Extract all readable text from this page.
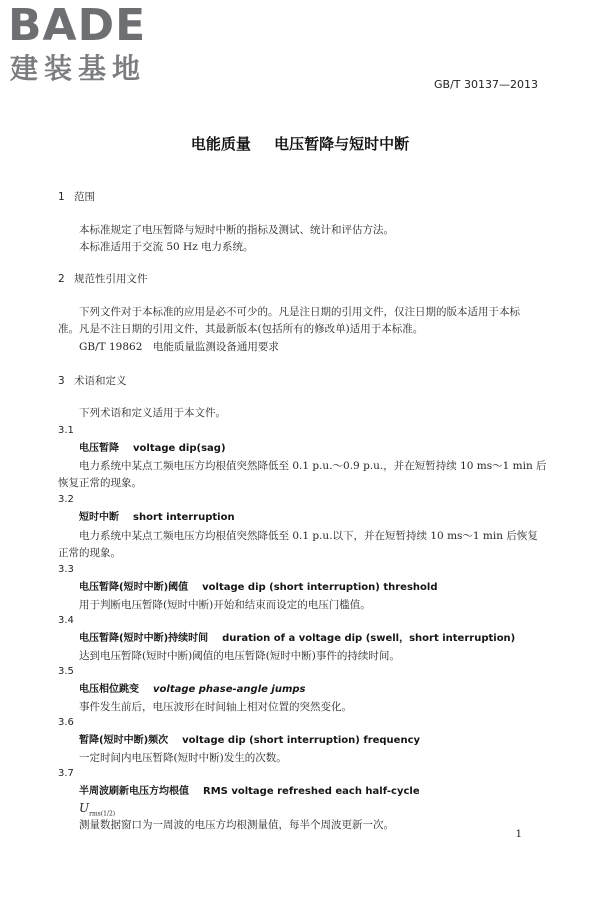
BADE
建装基地	GB/T 30137—2013
电能质量 电压暂降与短时中断
1 范围
本标准规定了电压暂降与短时中断的指标及测试、统计和评估方法。
本标准适用于交流 50 Hz 电力系统。
2 规范性引用文件
下列文件对于本标准的应用是必不可少的。凡是注日期的引用文件，仅注日期的版本适用于本标
准。凡是不注日期的引用文件，其最新版本(包括所有的修改单)适用于本标准。
GB/T 19862　电能质量监测设备通用要求
3 术语和定义
下列术语和定义适用于本文件。
3.1
电压暂降 voltage dip(sag)
电力系统中某点工频电压方均根值突然降低至 0.1 p.u.～0.9 p.u.，并在短暂持续 10 ms～1 min 后
恢复正常的现象。
3.2
短时中断 short interruption
电力系统中某点工频电压方均根值突然降低至 0.1 p.u.以下，并在短暂持续 10 ms～1 min 后恢复
正常的现象。
3.3
电压暂降(短时中断)阈值 voltage dip (short interruption) threshold
用于判断电压暂降(短时中断)开始和结束而设定的电压门槛值。
3.4
电压暂降(短时中断)持续时间 duration of a voltage dip (swell，short interruption)
达到电压暂降(短时中断)阈值的电压暂降(短时中断)事件的持续时间。
3.5
电压相位跳变 voltage phase-angle jumps
事件发生前后，电压波形在时间轴上相对位置的突然变化。
3.6
暂降(短时中断)频次 voltage dip (short interruption) frequency
一定时间内电压暂降(短时中断)发生的次数。
3.7
半周波刷新电压方均根值 RMS voltage refreshed each half-cycle
$U_{rms(1/2)}$
测量数据窗口为一周波的电压方均根测量值，每半个周波更新一次。
1
